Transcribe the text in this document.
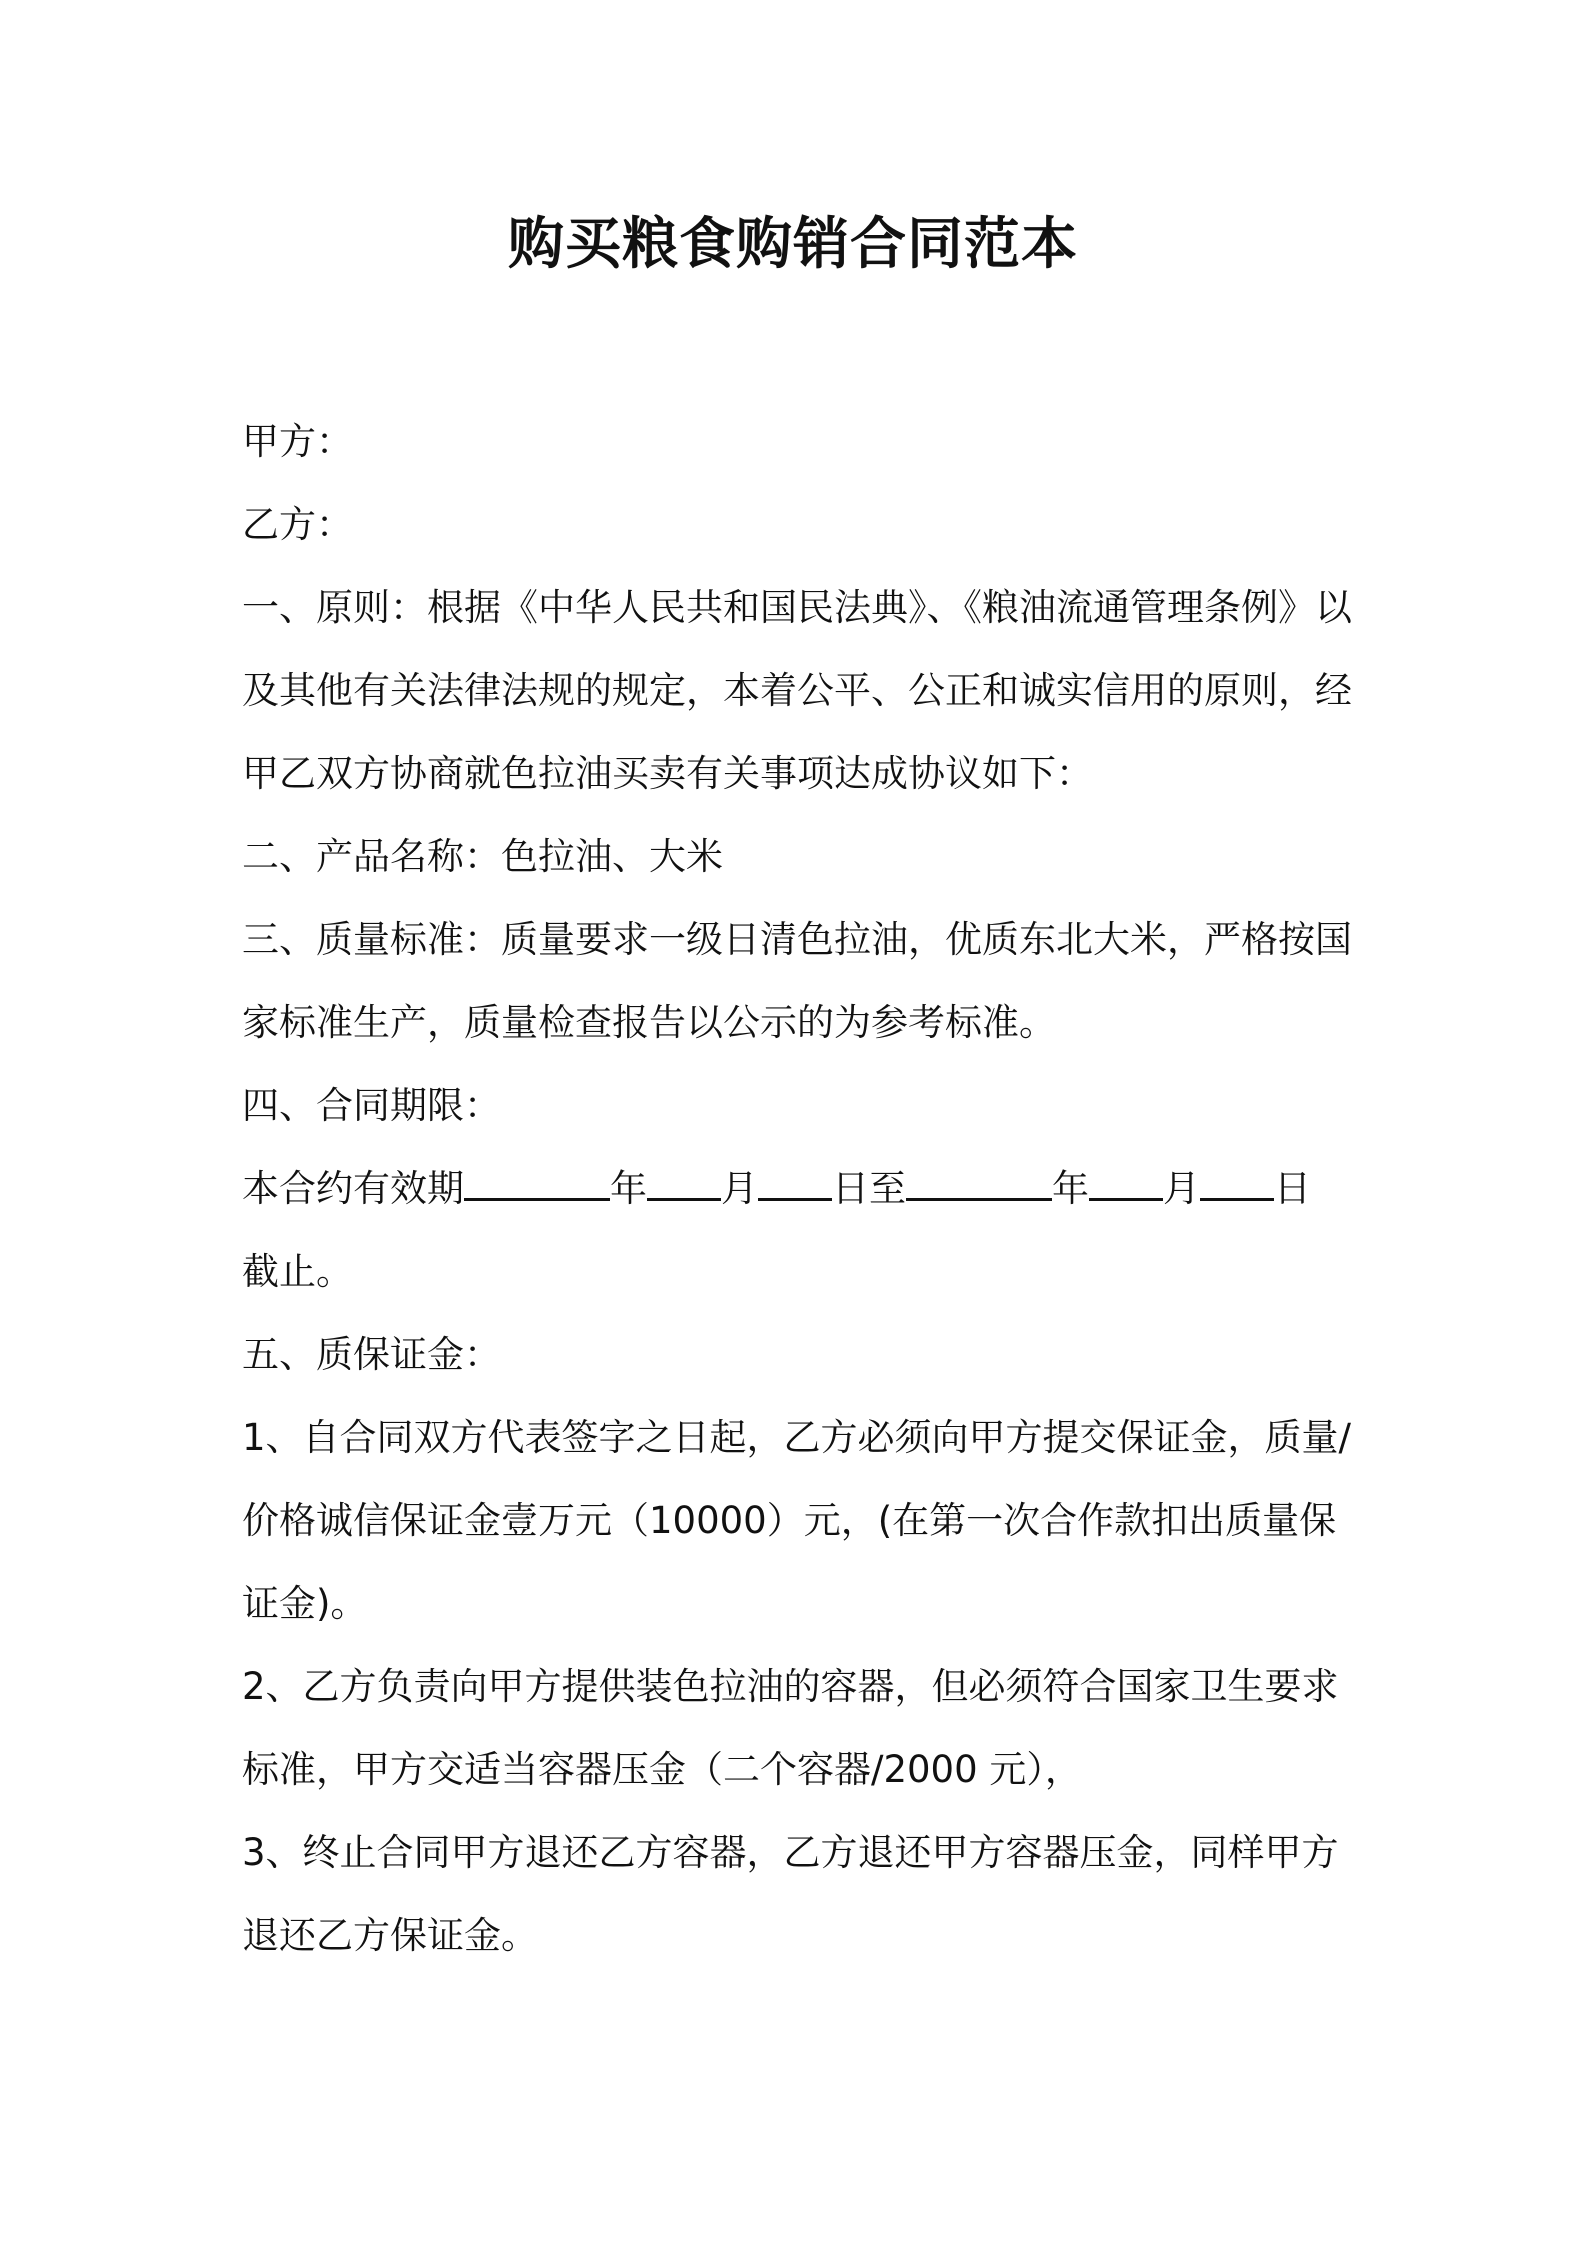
购买粮食购销合同范本

甲方：

乙方：

一、原则：根据《中华人民共和国民法典》、《粮油流通管理条例》以及其他有关法律法规的规定，本着公平、公正和诚实信用的原则，经甲乙双方协商就色拉油买卖有关事项达成协议如下：

二、产品名称：色拉油、大米

三、质量标准：质量要求一级日清色拉油，优质东北大米，严格按国家标准生产，质量检查报告以公示的为参考标准。

四、合同期限：

本合约有效期	年 月 日至	年 月 日
截止。

五、质保证金：

1、自合同双方代表签字之日起，乙方必须向甲方提交保证金，质量/价格诚信保证金壹万元（10000）元，(在第一次合作款扣出质量保证金)。

2、乙方负责向甲方提供装色拉油的容器，但必须符合国家卫生要求标准，甲方交适当容器压金（二个容器/2000 元），

3、终止合同甲方退还乙方容器，乙方退还甲方容器压金，同样甲方退还乙方保证金。
